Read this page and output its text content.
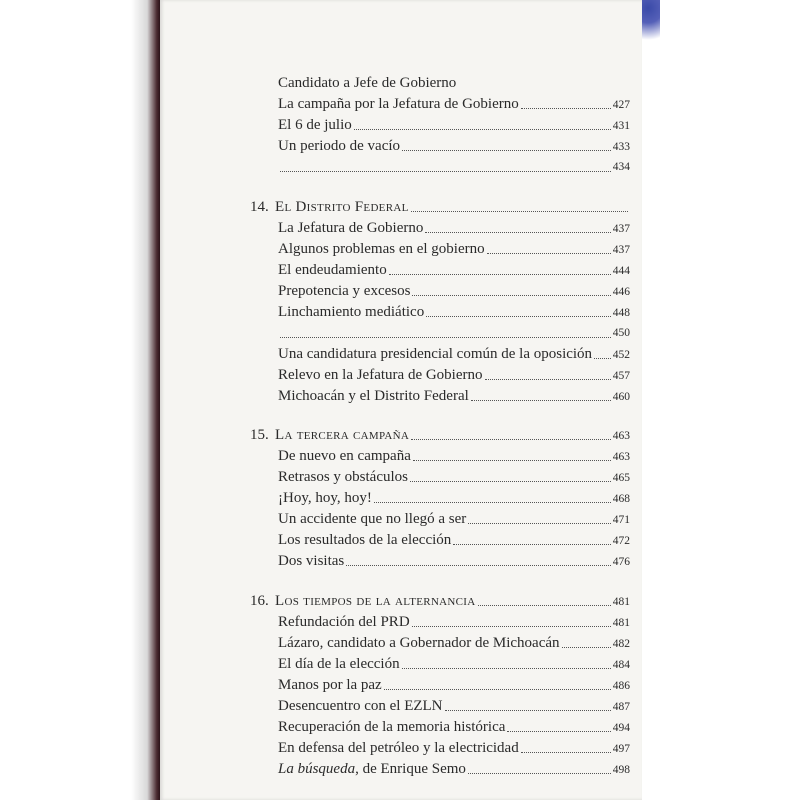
Candidato a Jefe de Gobierno
La campaña por la Jefatura de Gobierno	427
El 6 de julio	431
Un periodo de vacío	433
434
14. El Distrito Federal
La Jefatura de Gobierno	437
Algunos problemas en el gobierno	437
El endeudamiento	444
Prepotencia y excesos	446
Linchamiento mediático	448
450
Una candidatura presidencial común de la oposición 452
Relevo en la Jefatura de Gobierno	457
Michoacán y el Distrito Federal	460
15. La tercera campaña	463
De nuevo en campaña	463
Retrasos y obstáculos	465
¡Hoy, hoy, hoy!	468
Un accidente que no llegó a ser	471
Los resultados de la elección	472
Dos visitas	476
16. Los tiempos de la alternancia	481
Refundación del PRD	481
Lázaro, candidato a Gobernador de Michoacán	482
El día de la elección	484
Manos por la paz	486
Desencuentro con el EZLN	487
Recuperación de la memoria histórica	494
En defensa del petróleo y la electricidad	497
La búsqueda, de Enrique Semo	498
